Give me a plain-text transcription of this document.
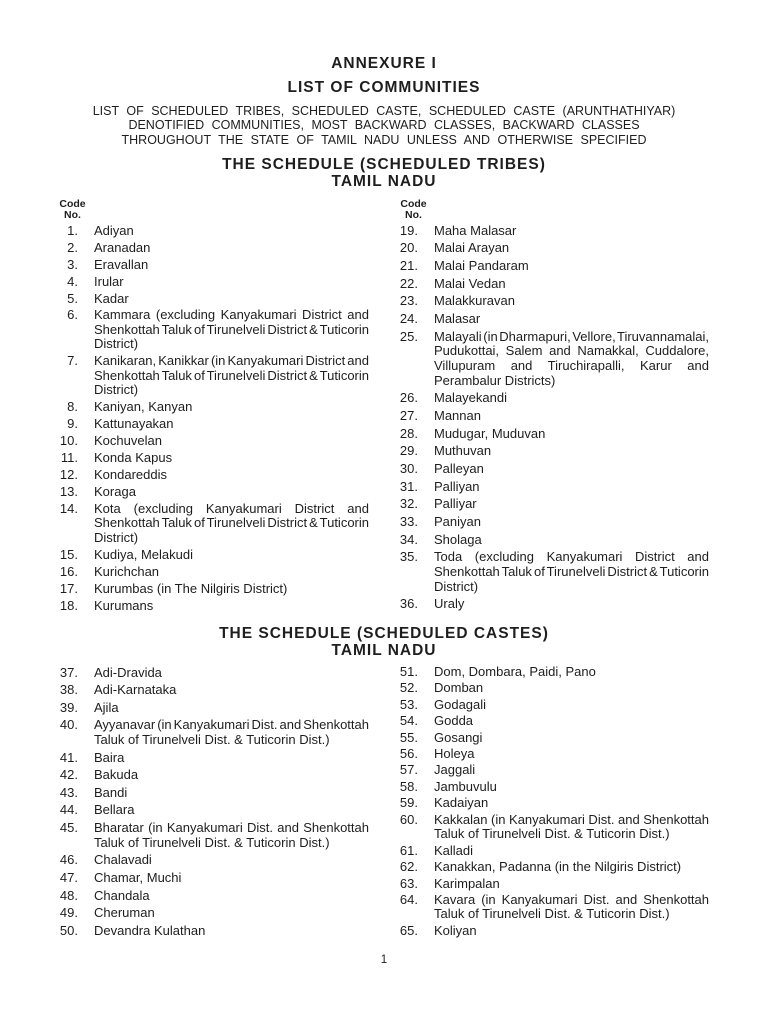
ANNEXURE I
LIST OF COMMUNITIES
LIST OF SCHEDULED TRIBES, SCHEDULED CASTE, SCHEDULED CASTE (ARUNTHATHIYAR)
DENOTIFIED COMMUNITIES, MOST BACKWARD CLASSES, BACKWARD CLASSES
THROUGHOUT THE STATE OF TAMIL NADU UNLESS AND OTHERWISE SPECIFIED
THE SCHEDULE (SCHEDULED TRIBES)
TAMIL NADU
Code
No.
Code
No.
1. Adiyan
2. Aranadan
3. Eravallan
4. Irular
5. Kadar
6. Kammara (excluding Kanyakumari District and
Shenkottah Taluk of Tirunelveli District & Tuticorin
District)
7. Kanikaran, Kanikkar (in Kanyakumari District and
Shenkottah Taluk of Tirunelveli District & Tuticorin
District)
8. Kaniyan, Kanyan
9. Kattunayakan
10. Kochuvelan
11. Konda Kapus
12. Kondareddis
13. Koraga
14. Kota (excluding Kanyakumari District and
Shenkottah Taluk of Tirunelveli District & Tuticorin
District)
15. Kudiya, Melakudi
16. Kurichchan
17. Kurumbas (in The Nilgiris District)
18. Kurumans
19. Maha Malasar
20. Malai Arayan
21. Malai Pandaram
22. Malai Vedan
23. Malakkuravan
24. Malasar
25. Malayali (in Dharmapuri, Vellore, Tiruvannamalai,
Pudukottai, Salem and Namakkal, Cuddalore,
Villupuram and Tiruchirapalli, Karur and
Perambalur Districts)
26. Malayekandi
27. Mannan
28. Mudugar, Muduvan
29. Muthuvan
30. Palleyan
31. Palliyan
32. Palliyar
33. Paniyan
34. Sholaga
35. Toda (excluding Kanyakumari District and
Shenkottah Taluk of Tirunelveli District & Tuticorin
District)
36. Uraly
THE SCHEDULE (SCHEDULED CASTES)
TAMIL NADU
37. Adi-Dravida
38. Adi-Karnataka
39. Ajila
40. Ayyanavar (in Kanyakumari Dist. and Shenkottah
Taluk of Tirunelveli Dist. & Tuticorin Dist.)
41. Baira
42. Bakuda
43. Bandi
44. Bellara
45. Bharatar (in Kanyakumari Dist. and Shenkottah
Taluk of Tirunelveli Dist. & Tuticorin Dist.)
46. Chalavadi
47. Chamar, Muchi
48. Chandala
49. Cheruman
50. Devandra Kulathan
51. Dom, Dombara, Paidi, Pano
52. Domban
53. Godagali
54. Godda
55. Gosangi
56. Holeya
57. Jaggali
58. Jambuvulu
59. Kadaiyan
60. Kakkalan (in Kanyakumari Dist. and Shenkottah
Taluk of Tirunelveli Dist. & Tuticorin Dist.)
61. Kalladi
62. Kanakkan, Padanna (in the Nilgiris District)
63. Karimpalan
64. Kavara (in Kanyakumari Dist. and Shenkottah
Taluk of Tirunelveli Dist. & Tuticorin Dist.)
65. Koliyan
1
